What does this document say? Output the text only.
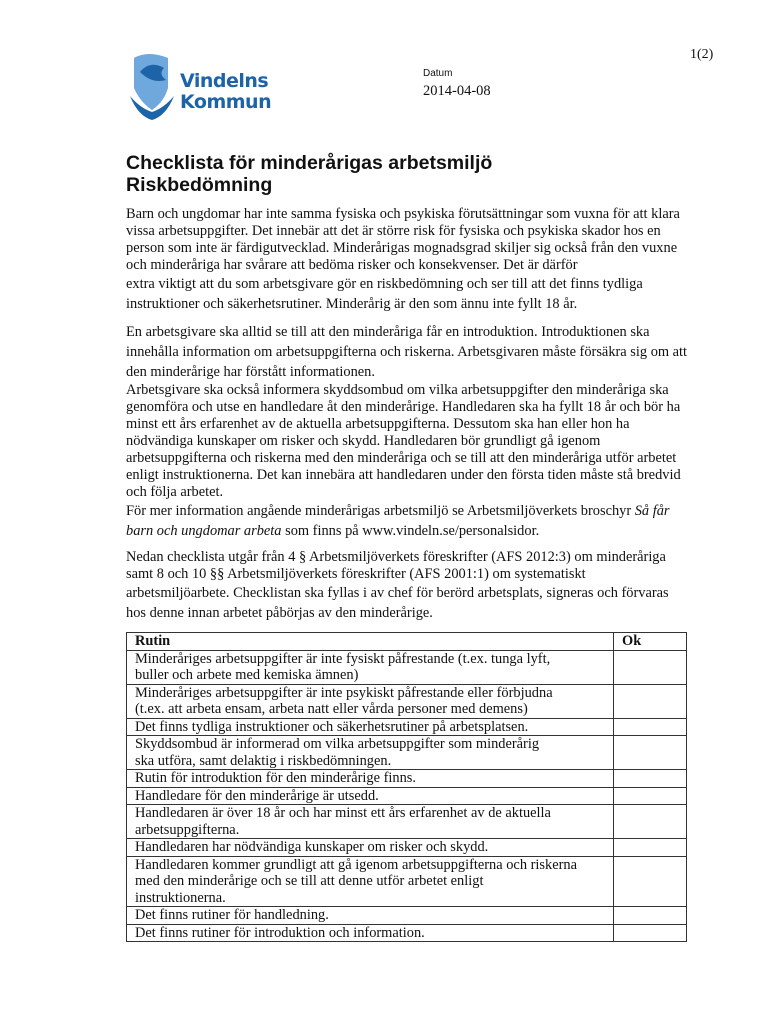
1(2)
Vindelns
Kommun
Datum
2014-04-08
Checklista för minderårigas arbetsmiljö
Riskbedömning

Barn och ungdomar har inte samma fysiska och psykiska förutsättningar som vuxna för att klara vissa arbetsuppgifter. Det innebär att det är större risk för fysiska och psykiska skador hos en person som inte är färdigutvecklad. Minderårigas mognadsgrad skiljer sig också från den vuxne och minderåriga har svårare att bedöma risker och konsekvenser. Det är därför

extra viktigt att du som arbetsgivare gör en riskbedömning och ser till att det finns tydliga instruktioner och säkerhetsrutiner. Minderårig är den som ännu inte fyllt 18 år.

En arbetsgivare ska alltid se till att den minderåriga får en introduktion. Introduktionen ska innehålla information om arbetsuppgifterna och riskerna. Arbetsgivaren måste försäkra sig om att den minderårige har förstått informationen.

Arbetsgivare ska också informera skyddsombud om vilka arbetsuppgifter den minderåriga ska genomföra och utse en handledare åt den minderårige. Handledaren ska ha fyllt 18 år och bör ha minst ett års erfarenhet av de aktuella arbetsuppgifterna. Dessutom ska han eller hon ha nödvändiga kunskaper om risker och skydd. Handledaren bör grundligt gå igenom arbetsuppgifterna och riskerna med den minderåriga och se till att den minderåriga utför arbetet enligt instruktionerna. Det kan innebära att handledaren under den första tiden måste stå bredvid och följa arbetet.

För mer information angående minderårigas arbetsmiljö se Arbetsmiljöverkets broschyr Så får barn och ungdomar arbeta som finns på www.vindeln.se/personalsidor.

Nedan checklista utgår från 4 § Arbetsmiljöverkets föreskrifter (AFS 2012:3) om minderåriga samt 8 och 10 §§ Arbetsmiljöverkets föreskrifter (AFS 2001:1) om systematiskt

arbetsmiljöarbete. Checklistan ska fyllas i av chef för berörd arbetsplats, signeras och förvaras hos denne innan arbetet påbörjas av den minderårige.

Rutin	Ok

Minderåriges arbetsuppgifter är inte fysiskt påfrestande (t.ex. tunga lyft,
buller och arbete med kemiska ämnen)	

Minderåriges arbetsuppgifter är inte psykiskt påfrestande eller förbjudna
(t.ex. att arbeta ensam, arbeta natt eller vårda personer med demens)	

Det finns tydliga instruktioner och säkerhetsrutiner på arbetsplatsen.	

Skyddsombud är informerad om vilka arbetsuppgifter som minderårig
ska utföra, samt delaktig i riskbedömningen.	

Rutin för introduktion för den minderårige finns.	

Handledare för den minderårige är utsedd.	

Handledaren är över 18 år och har minst ett års erfarenhet av de aktuella
arbetsuppgifterna.	

Handledaren har nödvändiga kunskaper om risker och skydd.	

Handledaren kommer grundligt att gå igenom arbetsuppgifterna och riskerna
med den minderårige och se till att denne utför arbetet enligt
instruktionerna.	

Det finns rutiner för handledning.	

Det finns rutiner för introduktion och information.	
